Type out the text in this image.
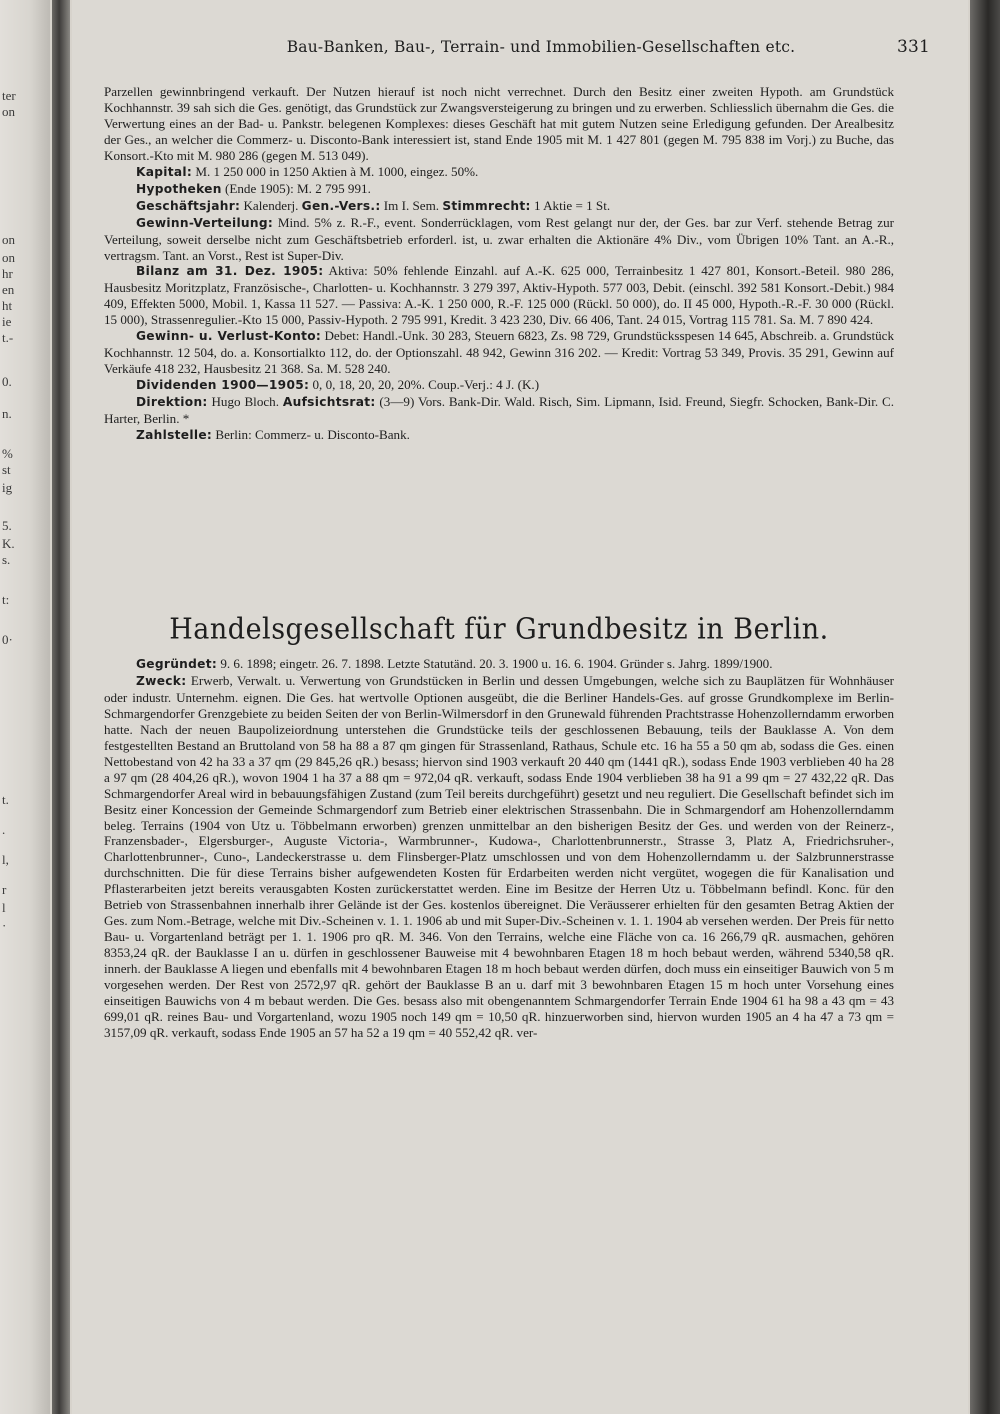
ter
on
on
on
hr
en
ht
ie
t.-
0.
n.
%
st
ig
5.
K.
s.
t:
0·
t.
.
l,
r
l
·
Bau-Banken, Bau-, Terrain- und Immobilien-Gesellschaften etc.	331

Parzellen gewinnbringend verkauft. Der Nutzen hierauf ist noch nicht verrechnet. Durch den Besitz einer zweiten Hypoth. am Grundstück Kochhannstr. 39 sah sich die Ges. genötigt, das Grundstück zur Zwangsversteigerung zu bringen und zu erwerben. Schliesslich übernahm die Ges. die Verwertung eines an der Bad- u. Pankstr. belegenen Komplexes: dieses Geschäft hat mit gutem Nutzen seine Erledigung gefunden. Der Arealbesitz der Ges., an welcher die Commerz- u. Disconto-Bank interessiert ist, stand Ende 1905 mit M. 1 427 801 (gegen M. 795 838 im Vorj.) zu Buche, das Konsort.-Kto mit M. 980 286 (gegen M. 513 049).

Kapital: M. 1 250 000 in 1250 Aktien à M. 1000, eingez. 50%.

Hypotheken (Ende 1905): M. 2 795 991.

Geschäftsjahr: Kalenderj. Gen.-Vers.: Im I. Sem. Stimmrecht: 1 Aktie = 1 St.

Gewinn-Verteilung: Mind. 5% z. R.-F., event. Sonderrücklagen, vom Rest gelangt nur der, der Ges. bar zur Verf. stehende Betrag zur Verteilung, soweit derselbe nicht zum Geschäftsbetrieb erforderl. ist, u. zwar erhalten die Aktionäre 4% Div., vom Übrigen 10% Tant. an A.-R., vertragsm. Tant. an Vorst., Rest ist Super-Div.

Bilanz am 31. Dez. 1905: Aktiva: 50% fehlende Einzahl. auf A.-K. 625 000, Terrainbesitz 1 427 801, Konsort.-Beteil. 980 286, Hausbesitz Moritzplatz, Französische-, Charlotten- u. Kochhannstr. 3 279 397, Aktiv-Hypoth. 577 003, Debit. (einschl. 392 581 Konsort.-Debit.) 984 409, Effekten 5000, Mobil. 1, Kassa 11 527. — Passiva: A.-K. 1 250 000, R.-F. 125 000 (Rückl. 50 000), do. II 45 000, Hypoth.-R.-F. 30 000 (Rückl. 15 000), Strassenregulier.-Kto 15 000, Passiv-Hypoth. 2 795 991, Kredit. 3 423 230, Div. 66 406, Tant. 24 015, Vortrag 115 781. Sa. M. 7 890 424.

Gewinn- u. Verlust-Konto: Debet: Handl.-Unk. 30 283, Steuern 6823, Zs. 98 729, Grundstücksspesen 14 645, Abschreib. a. Grundstück Kochhannstr. 12 504, do. a. Konsortialkto 112, do. der Optionszahl. 48 942, Gewinn 316 202. — Kredit: Vortrag 53 349, Provis. 35 291, Gewinn auf Verkäufe 418 232, Hausbesitz 21 368. Sa. M. 528 240.

Dividenden 1900—1905: 0, 0, 18, 20, 20, 20%. Coup.-Verj.: 4 J. (K.)

Direktion: Hugo Bloch. Aufsichtsrat: (3—9) Vors. Bank-Dir. Wald. Risch, Sim. Lipmann, Isid. Freund, Siegfr. Schocken, Bank-Dir. C. Harter, Berlin. *

Zahlstelle: Berlin: Commerz- u. Disconto-Bank.

Handelsgesellschaft für Grundbesitz in Berlin.

Gegründet: 9. 6. 1898; eingetr. 26. 7. 1898. Letzte Statutänd. 20. 3. 1900 u. 16. 6. 1904. Gründer s. Jahrg. 1899/1900.

Zweck: Erwerb, Verwalt. u. Verwertung von Grundstücken in Berlin und dessen Umgebungen, welche sich zu Bauplätzen für Wohnhäuser oder industr. Unternehm. eignen. Die Ges. hat wertvolle Optionen ausgeübt, die die Berliner Handels-Ges. auf grosse Grundkomplexe im Berlin-Schmargendorfer Grenzgebiete zu beiden Seiten der von Berlin-Wilmersdorf in den Grunewald führenden Prachtstrasse Hohenzollerndamm erworben hatte. Nach der neuen Baupolizeiordnung unterstehen die Grundstücke teils der geschlossenen Bebauung, teils der Bauklasse A. Von dem festgestellten Bestand an Bruttoland von 58 ha 88 a 87 qm gingen für Strassenland, Rathaus, Schule etc. 16 ha 55 a 50 qm ab, sodass die Ges. einen Nettobestand von 42 ha 33 a 37 qm (29 845,26 qR.) besass; hiervon sind 1903 verkauft 20 440 qm (1441 qR.), sodass Ende 1903 verblieben 40 ha 28 a 97 qm (28 404,26 qR.), wovon 1904 1 ha 37 a 88 qm = 972,04 qR. verkauft, sodass Ende 1904 verblieben 38 ha 91 a 99 qm = 27 432,22 qR. Das Schmargendorfer Areal wird in bebauungsfähigen Zustand (zum Teil bereits durchgeführt) gesetzt und neu reguliert. Die Gesellschaft befindet sich im Besitz einer Koncession der Gemeinde Schmargendorf zum Betrieb einer elektrischen Strassenbahn. Die in Schmargendorf am Hohenzollerndamm beleg. Terrains (1904 von Utz u. Többelmann erworben) grenzen unmittelbar an den bisherigen Besitz der Ges. und werden von der Reinerz-, Franzensbader-, Elgersburger-, Auguste Victoria-, Warmbrunner-, Kudowa-, Charlottenbrunnerstr., Strasse 3, Platz A, Friedrichsruher-, Charlottenbrunner-, Cuno-, Landeckerstrasse u. dem Flinsberger-Platz umschlossen und von dem Hohenzollerndamm u. der Salzbrunnerstrasse durchschnitten. Die für diese Terrains bisher aufgewendeten Kosten für Erdarbeiten werden nicht vergütet, wogegen die für Kanalisation und Pflasterarbeiten jetzt bereits verausgabten Kosten zurückerstattet werden. Eine im Besitze der Herren Utz u. Többelmann befindl. Konc. für den Betrieb von Strassenbahnen innerhalb ihrer Gelände ist der Ges. kostenlos übereignet. Die Veräusserer erhielten für den gesamten Betrag Aktien der Ges. zum Nom.-Betrage, welche mit Div.-Scheinen v. 1. 1. 1906 ab und mit Super-Div.-Scheinen v. 1. 1. 1904 ab versehen werden. Der Preis für netto Bau- u. Vorgartenland beträgt per 1. 1. 1906 pro qR. M. 346. Von den Terrains, welche eine Fläche von ca. 16 266,79 qR. ausmachen, gehören 8353,24 qR. der Bauklasse I an u. dürfen in geschlossener Bauweise mit 4 bewohnbaren Etagen 18 m hoch bebaut werden, während 5340,58 qR. innerh. der Bauklasse A liegen und ebenfalls mit 4 bewohnbaren Etagen 18 m hoch bebaut werden dürfen, doch muss ein einseitiger Bauwich von 5 m vorgesehen werden. Der Rest von 2572,97 qR. gehört der Bauklasse B an u. darf mit 3 bewohnbaren Etagen 15 m hoch unter Vorsehung eines einseitigen Bauwichs von 4 m bebaut werden. Die Ges. besass also mit obengenanntem Schmargendorfer Terrain Ende 1904 61 ha 98 a 43 qm = 43 699,01 qR. reines Bau- und Vorgartenland, wozu 1905 noch 149 qm = 10,50 qR. hinzuerworben sind, hiervon wurden 1905 an 4 ha 47 a 73 qm = 3157,09 qR. verkauft, sodass Ende 1905 an 57 ha 52 a 19 qm = 40 552,42 qR. ver-
